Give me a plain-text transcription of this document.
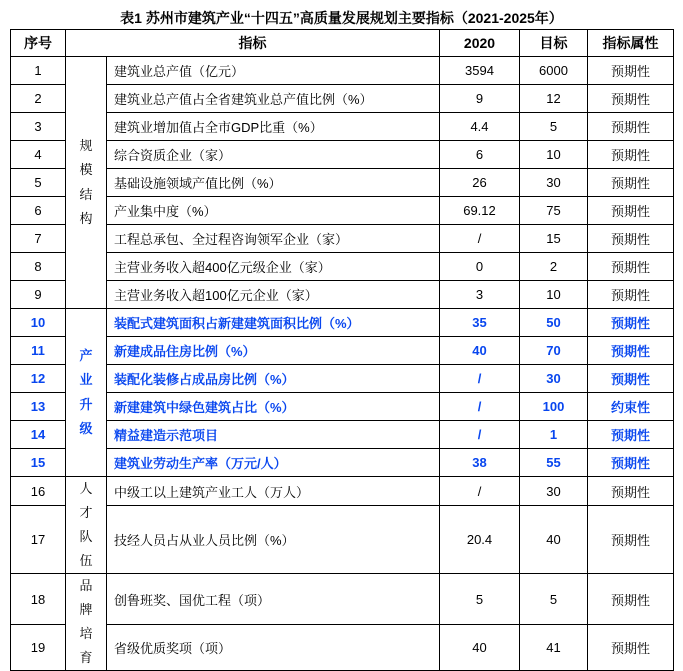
表1 苏州市建筑产业“十四五”高质量发展规划主要指标（2021-2025年）
序号	指标		2020	目标	指标属性
1	规模结构	建筑业总产值（亿元）	3594	6000	预期性
2		建筑业总产值占全省建筑业总产值比例（%）	9	12	预期性
3		建筑业增加值占全市GDP比重（%）	4.4	5	预期性
4		综合资质企业（家）	6	10	预期性
5		基础设施领域产值比例（%）	26	30	预期性
6		产业集中度（%）	69.12	75	预期性
7		工程总承包、全过程咨询领军企业（家）	/	15	预期性
8		主营业务收入超400亿元级企业（家）	0	2	预期性
9		主营业务收入超100亿元企业（家）	3	10	预期性
10	产业升级	装配式建筑面积占新建建筑面积比例（%）	35	50	预期性
11		新建成品住房比例（%）	40	70	预期性
12		装配化装修占成品房比例（%）	/	30	预期性
13		新建建筑中绿色建筑占比（%）	/	100	约束性
14		精益建造示范项目	/	1	预期性
15		建筑业劳动生产率（万元/人）	38	55	预期性
16	人才队伍	中级工以上建筑产业工人（万人）	/	30	预期性
17		技经人员占从业人员比例（%）	20.4	40	预期性
18	品牌培育	创鲁班奖、国优工程（项）	5	5	预期性
19		省级优质奖项（项）	40	41	预期性
